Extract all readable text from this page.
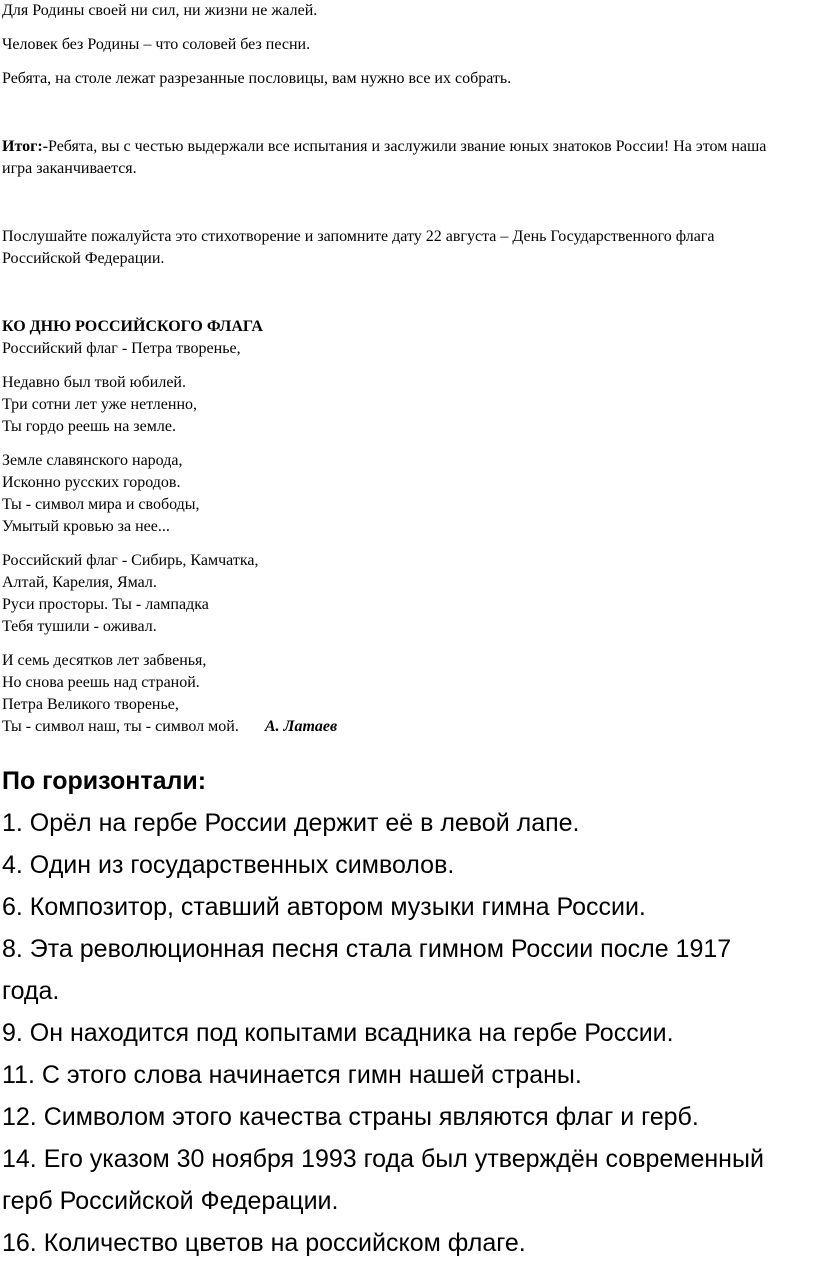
Для Родины своей ни сил, ни жизни не жалей.
Человек без Родины – что соловей без песни.
Ребята, на столе лежат разрезанные пословицы, вам нужно все их собрать.
Итог:-Ребята, вы с честью выдержали все испытания и заслужили звание юных знатоков России! На этом наша игра заканчивается.
Послушайте пожалуйста это стихотворение и запомните дату 22 августа – День Государственного флага Российской Федерации.
КО ДНЮ РОССИЙСКОГО ФЛАГА
Российский флаг - Петра творенье,
Недавно был твой юбилей.
Три сотни лет уже нетленно,
Ты гордо реешь на земле.
Земле славянского народа,
Исконно русских городов.
Ты - символ мира и свободы,
Умытый кровью за нее...
Российский флаг - Сибирь, Камчатка,
Алтай, Карелия, Ямал.
Руси просторы. Ты - лампадка
Тебя тушили - оживал.
И семь десятков лет забвенья,
Но снова реешь над страной.
Петра Великого творенье,
Ты - символ наш, ты - символ мой. А. Латаев
По горизонтали:
1. Орёл на гербе России держит её в левой лапе.
4. Один из государственных символов.
6. Композитор, ставший автором музыки гимна России.
8. Эта революционная песня стала гимном России после 1917 года.
9. Он находится под копытами всадника на гербе России.
11. С этого слова начинается гимн нашей страны.
12. Символом этого качества страны являются флаг и герб.
14. Его указом 30 ноября 1993 года был утверждён современный герб Российской Федерации.
16. Количество цветов на российском флаге.
